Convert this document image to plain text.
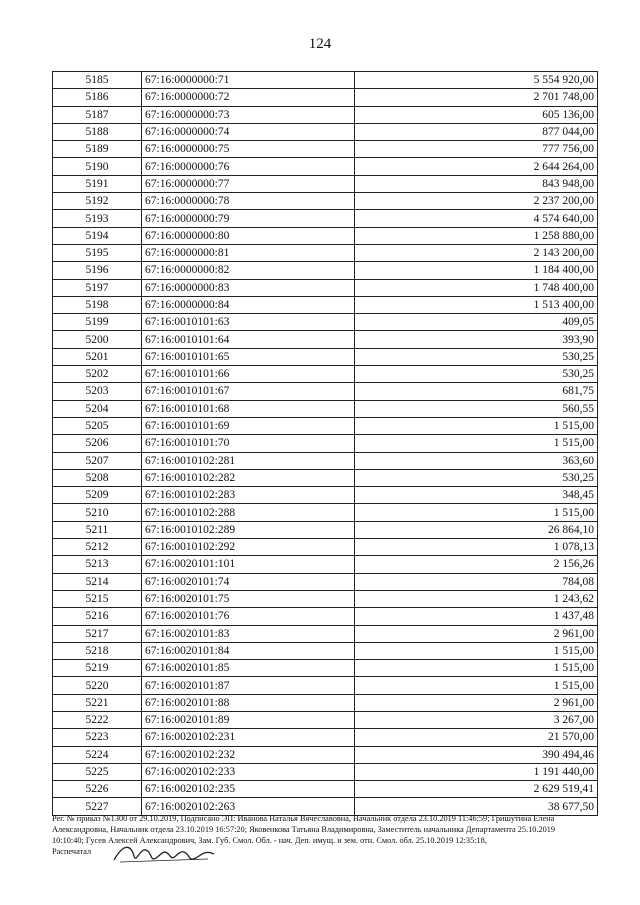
124
5185	67:16:0000000:71	5 554 920,00
5186	67:16:0000000:72	2 701 748,00
5187	67:16:0000000:73	605 136,00
5188	67:16:0000000:74	877 044,00
5189	67:16:0000000:75	777 756,00
5190	67:16:0000000:76	2 644 264,00
5191	67:16:0000000:77	843 948,00
5192	67:16:0000000:78	2 237 200,00
5193	67:16:0000000:79	4 574 640,00
5194	67:16:0000000:80	1 258 880,00
5195	67:16:0000000:81	2 143 200,00
5196	67:16:0000000:82	1 184 400,00
5197	67:16:0000000:83	1 748 400,00
5198	67:16:0000000:84	1 513 400,00
5199	67:16:0010101:63	409,05
5200	67:16:0010101:64	393,90
5201	67:16:0010101:65	530,25
5202	67:16:0010101:66	530,25
5203	67:16:0010101:67	681,75
5204	67:16:0010101:68	560,55
5205	67:16:0010101:69	1 515,00
5206	67:16:0010101:70	1 515,00
5207	67:16:0010102:281	363,60
5208	67:16:0010102:282	530,25
5209	67:16:0010102:283	348,45
5210	67:16:0010102:288	1 515,00
5211	67:16:0010102:289	26 864,10
5212	67:16:0010102:292	1 078,13
5213	67:16:0020101:101	2 156,26
5214	67:16:0020101:74	784,08
5215	67:16:0020101:75	1 243,62
5216	67:16:0020101:76	1 437,48
5217	67:16:0020101:83	2 961,00
5218	67:16:0020101:84	1 515,00
5219	67:16:0020101:85	1 515,00
5220	67:16:0020101:87	1 515,00
5221	67:16:0020101:88	2 961,00
5222	67:16:0020101:89	3 267,00
5223	67:16:0020102:231	21 570,00
5224	67:16:0020102:232	390 494,46
5225	67:16:0020102:233	1 191 440,00
5226	67:16:0020102:235	2 629 519,41
5227	67:16:0020102:263	38 677,50
Рег. № приказ №1300 от 29.10.2019, Подписано ЭП: Иванова Наталья Вячеславовна, Начальник отдела 23.10.2019 11:46:59; Гришутина Елена
Александровна, Начальник отдела 23.10.2019 16:57:20; Яковенкова Татьяна Владимировна, Заместитель начальника Департамента 25.10.2019
10:10:40; Гусев Алексей Александрович, Зам. Губ. Смол. Обл. - нач. Деп. имущ. и зем. отн. Смол. обл. 25.10.2019 12:35:18,
Распечатал
